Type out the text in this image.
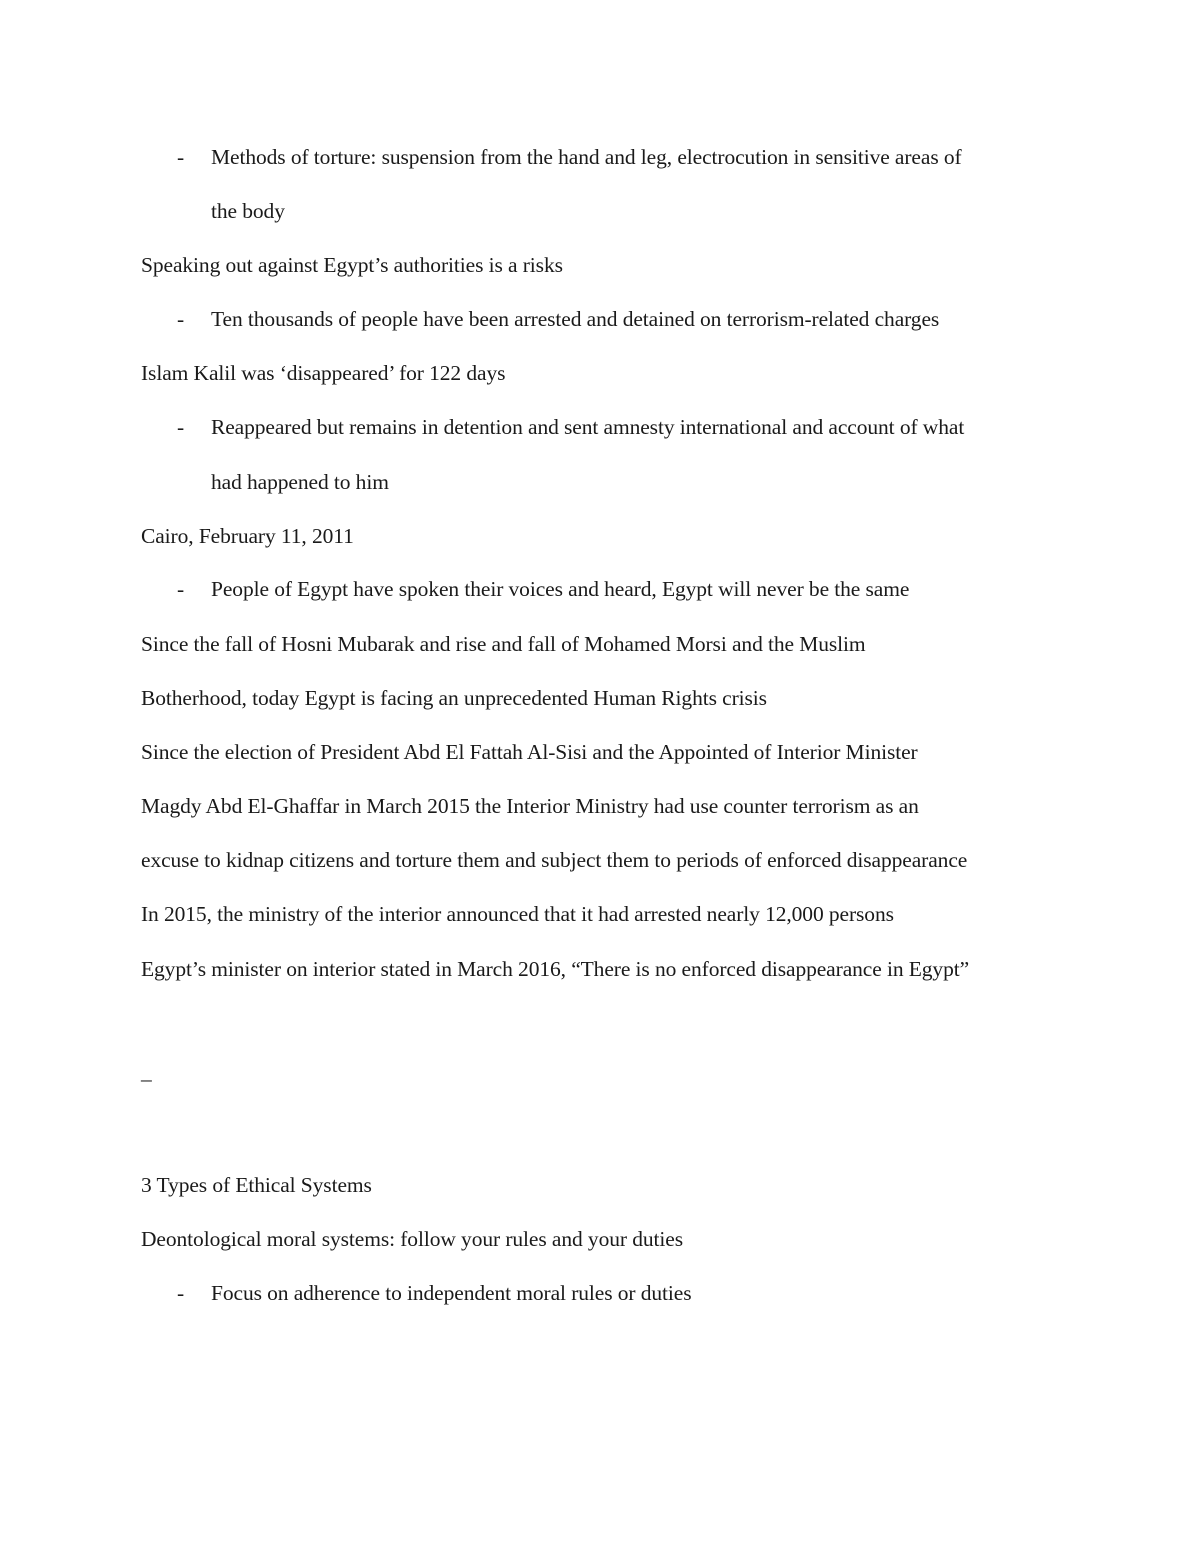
- Methods of torture: suspension from the hand and leg, electrocution in sensitive areas of
the body
Speaking out against Egypt’s authorities is a risks
- Ten thousands of people have been arrested and detained on terrorism-related charges
Islam Kalil was ‘disappeared’ for 122 days
- Reappeared but remains in detention and sent amnesty international and account of what
had happened to him
Cairo, February 11, 2011
- People of Egypt have spoken their voices and heard, Egypt will never be the same
Since the fall of Hosni Mubarak and rise and fall of Mohamed Morsi and the Muslim
Botherhood, today Egypt is facing an unprecedented Human Rights crisis
Since the election of President Abd El Fattah Al-Sisi and the Appointed of Interior Minister
Magdy Abd El-Ghaffar in March 2015 the Interior Ministry had use counter terrorism as an
excuse to kidnap citizens and torture them and subject them to periods of enforced disappearance
In 2015, the ministry of the interior announced that it had arrested nearly 12,000 persons
Egypt’s minister on interior stated in March 2016, “There is no enforced disappearance in Egypt”
_
3 Types of Ethical Systems
Deontological moral systems: follow your rules and your duties
- Focus on adherence to independent moral rules or duties
